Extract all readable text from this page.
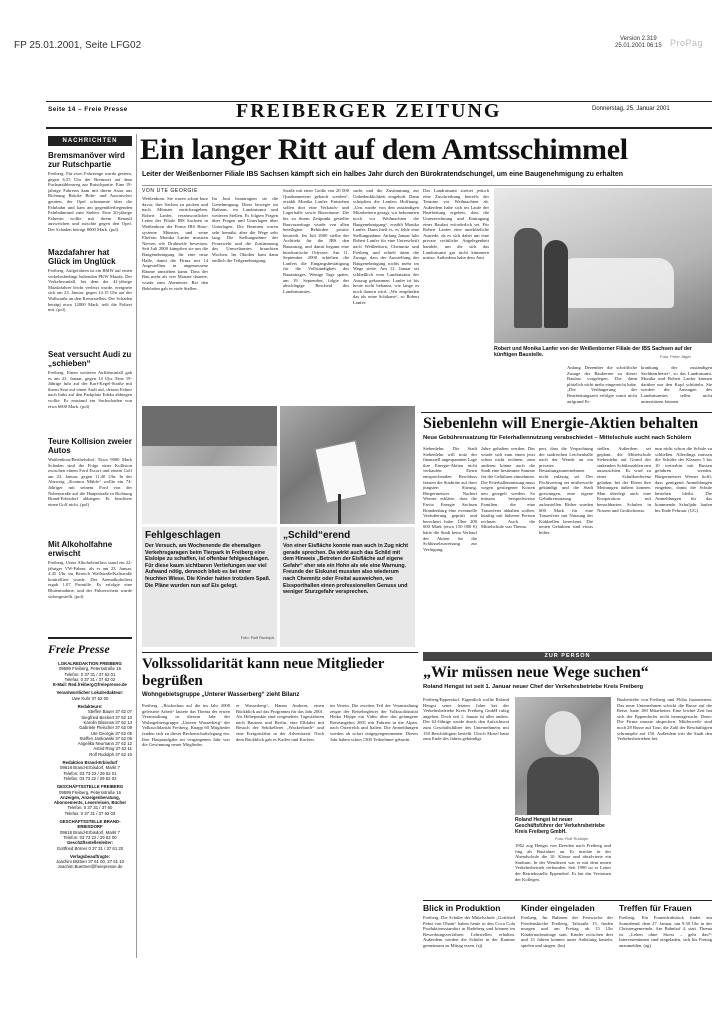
FP 25.01.2001, Seite LFG02
Version 2.319
25.01.2001 06:15 ProPag
Seite 14 – Freie Presse	FREIBERGER ZEITUNG	Donnerstag, 25. Januar 2001
NACHRICHTEN
Bremsmanöver wird zur Rutschpartie
Freiberg. Für zwei Fahrzeuge wurde gestern, gegen 6.55 Uhr der Bremsort auf dem Fuchsmühlenweg zur Rutschpartie. Eine 19-jährige Fahrerin kam mit ihrem Astra aus Richtung Brücke Bohr- und Ausrutscher geraten, der Opel schrammte über die Fahrbahn und kam am gegenüberliegenden Fahrbahnrand zum Stehen. Eine 20-jährige Fahrerin wollte mit ihrem Renault ausweichen und rutschte gegen den Opel. Der Schaden beträgt 8000 Mark. (pol)
Mazdafahrer hat Glück im Unglück
Freiberg. Aufgefahren ist ein BMW auf einen verkehrsbedingt haltenden PKW Mazda. Der Verkehrsunfall, bei dem der 41-jährige Mazdafahrer leicht verletzt wurde, ereignete sich am 23. Januar, gegen 14.15 Uhr auf der Wallstraße an den Kreuzstellen. Der Schaden beträgt etwa 12000 Mark, teilt die Polizei mit. (pol)
Seat versucht Audi zu „schieben“
Freiberg. Einen weiteren Auffahrunfall gab es am 23. Januar, gegen 14 Uhr. Eine 19-Jährige fuhr auf der Karl-Kegel-Straße mit ihrem Seat auf einen Audi auf, dessen Fahrer nach links auf den Parkplatz Edeka abbiegen wollte. Es entstand ein Sachschaden von etwa 6000 Mark. (pol)
Teure Kollision zweier Autos
Weißenborn/Berthelsdorf. Etwa 9000 Mark Schaden sind die Folge einer Kollision zwischen einem Ford Escort und einem Golf am 23. Januar, gegen 11.40 Uhr. In der Abzweig „Kosmos Mühle“ wollte ein 74-Jähriger mit seinem Ford von der Nebenstraße auf die Hauptstraße in Richtung Brand-Erbisdorf abbiegen. Er beachtete einen Golf nicht. (pol)
Mit Alkoholfahne erwischt
Freiberg. Unter Alkoholeinfluss stand ein 22-jähriger VW-Fahrer, als er am 23. Januar, 4.45 Uhr im Bereich Wallstraße/Kaltstraße kontrolliert wurde. Der Atemalkoholtest ergab 1.07 Promille. Es erfolgte eine Blutentnahme, und der Führerschein wurde sichergestellt. (pol)
Freie Presse
LOKALREDAKTION FREIBERG
09599 Freiberg, Petersstraße 16
Telefon: 0 37 31 / 37 62 01
Telefax: 0 37 31 / 37 62 02
E-Mail: Red.freiberg@freiepresse.de
Verantwortlicher Lokalredakteur:
Uwe Kuhr 37 62 00
Redakteure:
Steffen Bauer 37 62 07
Siegfried Beckert 37 62 10
Karolin Blossow 37 62 14
Gabriele Fleischer 37 62 09
Ute Georgie 37 62 05
Steffen Jankowski 37 62 06
Angelika Neumann 37 62 12
Astrid Ring 37 62 11
Rolf Rudolph 37 62 10
Redaktion Brand-Erbisdorf
09618 Brand-Erbisdorf, Markt 7
Telefon: 03 73 22 / 29 62 01
Telefax: 03 73 22 / 29 62 02
GESCHÄFTSSTELLE FREIBERG
09599 Freiberg, Petersstraße 16
Anzeigen, Anzeigenberatung, Abonnements, Leserreisen, Bücher
Telefon: 0 37 31 / 37 60
Telefax: 0 37 31 / 37 62 03
GESCHÄFTSSTELLE BRAND-ERBISDORF
09618 Brand-Erbisdorf, Markt 7
Telefon: 03 73 22 / 29 62 00
Geschäftsstellenleiter:
Gottfried Börner 0 37 31 / 37 61 20
Verlagsbeauftragte:
Joachim Büttner 37 61 00, 37 61 10
Joachim.Buettner@freiepresse.de
Ein langer Ritt auf dem Amtsschimmel
Leiter der Weißenborner Filiale IBS Sachsen kämpft sich ein halbes Jahr durch den Bürokratendschungel, um eine Baugenehmigung zu erhalten
VON UTE GEORGIE
Weißenborn. Sie waren schon kurz davor, ihre Sachen zu packen und nach Münster zurückzugehen. Robert Lanfer, verantwortlicher Leiter der Filiale IBS Sachsen in Weißenborn der Firma IBS Büro-systeme Münster, und seine Ehefrau Monika Lanfer mussten Nerven wie Drahtseile beweisen. Seit Juli 2000 kämpften sie um die Baugenehmigung für eine neue Halle, damit die Firma mit 14 Angestellten in angemessene Räume umziehen kann. Dass der Bau mehr als vier Monate dauerte, wurde zum Abenteuer. Bei den Behörden gab es viele Stellen.
Im Juni beantragten sie die Genehmigung. Diese bewegte im Rathaus, im Landratsamt und weiteren Stellen. Es folgten Fragen über Fragen und Unterlagen über Unterlagen. Die Beamten waren sehr bemüht, aber die Wege sehr lang. Die Stellungnahme der Feuerwehr und die Zustimmung des Umweltamtes brauchten Wochen. Im Oktober kam dann endlich die Teilgenehmigung.
Straße mit einer Größe von 20 000 Quadratmetern gekauft werden“, erzählt Monika Lanfer. Entstehen sollen dort eine Verkaufs- und Lagerhalle sowie Büroräume. Die bis zu ihrem Zeitpunkt gestellte Bauvoranfrage wurde von allen beteiligten Behörden positiv beurteilt. Im Juli 2000 stellte der Architekt für die IBS den Bauantrag, und damit begann eine bürokratische Odyssee. Am 11. September 2000 erhielten die Lanfers die Eingangsbestätigung für die Vollständigkeit des Bauantrages. Wenige Tage später, am 19. September, folgte der abschlägige Bescheid des Landratsamtes.
sucht und die Zustimmung zur Unbedenklichkeit eingeholt. Dann schöpften die Lanfers Hoffnung. „Uns wurde von den zuständigen Mitarbeitern gesagt, wir bekommen noch vor Weihnachten die Baugenehmigung“, erzählt Monika Lanfer. Dann hieß es, es fehle eine Stellungnahme. Anfang Januar fuhr Robert Lanfer für eine Unterschrift nach Weißenborn, Chemnitz und Freiberg und erhielt dann die Zusage, dass der Ausstellung der Baugenehmigung nichts mehr im Wege stehe. Am 12. Januar sei schließlich vom Landratsamt der Auszug gekommen. Lanfer ist bis heute nicht bekannt, wie lange es noch dauern wird. „Wir empfinden das als reine Schikane“, so Robert Lanfer.
Das Landratsamt streitet jedoch eine Zuschreibung betreffs der Termine vor Weihnachten ab. Außerdem habe sich im Laufe der Bearbeitung ergeben, dass die Unterzeichnung und Eintragung einer Baulast erforderlich sei. Für Robert Lanfer eine unerklärliche Ausrede, da es sich dabei um eine private rechtliche Angelegenheit handele, um die sich das Landratsamt gar nicht kümmern müsse. Außerdem habe dem Amt
Robert und Monika Lanfer von der Weißenborner Filiale der IBS Sachsen auf der künftigen Baustelle.	Foto: Peter Jäger
Anfang Dezember die schriftliche Zusage der Bauherren zu dieser Baulast vorgelegen. Die dann plötzlich nicht mehr eingereicht habe. „Die Verlängerung der Bearbeitungszeit erfolgte somit nicht aufgrund Er-
krankung der zuständigen Sachbearbeiter“, so das Landratsamt. Monika und Robert Lanfer können darüber nur den Kopf schütteln. Sie werden die Aussagen des Landratsamtes selbst nicht unterstützen können.
Fehlgeschlagen
Der Versuch, am Wochenende die ehemaligen Verkehrsgaragen beim Tierpark in Freiberg eine Eisloipe zu schaffen, ist offenbar fehlgeschlagen. Für diese kaum sichtbaren Vertiefungen war viel Aufwand nötig, dennoch blieb es bei einer feuchten Wiese. Die Kinder hatten trotzdem Spaß. Die Pläne wurden nun auf Eis gelegt.
Foto: Rolf Rudolph
„Schild“erend
Von einer Eisfläche konnte man auch in Zug nicht gerade sprechen. Da wirkt auch das Schild mit dem Hinweis „Betreten der Eisfläche auf eigene Gefahr“ eher wie ein Hohn als wie eine Warnung. Freunde der Eiskunst mussten also wiederum nach Chemnitz oder Freital ausweichen, wo Eissporthallen einen professionellen Genuss und weniger Sturzgefahr versprechen.
Siebenlehn will Energie-Aktien behalten
Neue Gebührensatzung für Feierhallennutzung verabschiedet – Mittelschule sucht nach Schülern
Siebenlehn. Die Stadt Siebenlehn will trotz der finanziell angespannten Lage ihre Energie-Aktien nicht verkaufen. Einen entsprechenden Beschluss fassten die Stadträte auf ihrer jüngsten Sitzung. Bürgermeister Norbert Werner erklärte, dass die Envia Energie Sachsen Brandenburg eine eventuelle Veräußerung geprüft und berechnet habe. Über 200 000 Mark (etwa 150 000 €) hätte die Stadt beim Verkauf der Aktien für die Schlüsselzuweisung zur Verfügung.
Jahre gehalten werden. Das würde sich zum einen jetzt schon nicht rechnen, zum anderen könne auch die Stadt eine bestimmte Summe für die Gebühren einnehmen. Die Feierhallennutzung muss wegen gestiegener Kosten neu geregelt werden. So müssen beispielsweise Familien, die eine Trauerfeier abhalten wollen, künftig mit höheren Preisen rechnen. Auch die Mittelschule war Thema.
pert, dass die Verpachtung der stadtischen Leichenhalle nach der Wende an ein privates Bestattungsunternehmen nicht zulässig sei. Der Pachtvertrag sei mittlerweile gekündigt und die Stadt gezwungen, eine eigene Gebührensatzung aufzustellen. Bisher wurden 600 Mark für eine Trauerfeier mit Nutzung der Kühlzellen berechnet. Die neuen Gebühren sind etwas höher.
stellen. Außerdem sei geplant, die Mittelschule Siebenlehn auf Grund der sinkenden Schülerzahlen neu auszurichten. Es wird zu einer Schulkonferenz geladen, bei der Eltern ihre Meinungen äußern können. Man überlegt auch eine Kooperation mit benachbarten Schulen in Nossen und Großschirma.
nun nicht schon die Schule zu schließen. Allerdings müssen die Schüler der Klassen 5 bis 10 weiterhin mit Bussen gefahren werden. Bürgermeister Werner hofft, dass genügend Anmeldungen eingehen, damit die Schule bestehen bleibt. Die Anmeldungen für das kommende Schuljahr laufen bis Ende Februar. (UG)
Volkssolidarität kann neue Mitglieder begrüßen
Wohngebietsgruppe „Unterer Wasserberg“ zieht Bilanz
Freiberg. „Rückschau auf die im Jahr 2000 geleistete Arbeit“ lautete das Thema der ersten Veranstaltung in diesem Jahr der Wohngebietsgruppe „Unterer Wasserberg“ der Volkssolidarität Freiberg. Knapp 60 Mitglieder fanden sich zu dieser Rechenschaftslegung ein. Ihre Hauptaufgabe im vergangenen Jahr war die Gewinnung neuer Mitglieder.
er Wasserberg“, Hanna Andreas, einen Rückblick auf das Programm für das Jahr 2001. Als Höhepunkte sind vorgesehen: Tagesfahrten nach Bautzen und Berlin, eine Elbfahrt mit Besuch der Sektkellerei „Wackerbarth“ und eine Ereignisfahrt in der Adventszeit. Nach dem Rückblick gab es Kaffee und Kuchen.
im Verein. Die zweiten Teil der Veranstaltung zeigte der Reisebegleiter der Volkssolidarität Heiko Höppe ein Video über das gelungene Reiseangebot 2001 mit Fahrten in die Alpen, nach Österreich und Italien. Die Anmeldungen werden ab sofort entgegengenommen. Dieses Jahr haben schon 1300 Teilnehmer gebucht.
ZUR PERSON
„Wir müssen neue Wege suchen“
Roland Hengst ist seit 1. Januar neuer Chef der Verkehrsbetriebe Kreis Freiberg
Freiberg/Eppendorf. Eigentlich wollte Roland Hengst seine letzten Jahre bei der Verkehrsbetriebe Kreis Freiberg GmbH ruhig angehen. Doch seit 1. Januar ist alles anders. Der 62-Jährige wurde durch den Aufsichtsrat zum Geschäftsführer des Unternehmens mit 150 Beschäftigten bestellt. Ulrich Mosel hatte zum Ende des Jahres gekündigt.
Roland Hengst ist neuer Geschäftsführer der Verkehrsbetriebe Kreis Freiberg GmbH.
Foto: Rolf Rudolph
1962 zog Hengst von Dresden nach Freiberg und fing als Busfahrer an. Er machte in der Abendschule die 10. Klasse und absolvierte ein Studium. In der Wendezeit war er mit dem neuen Verkehrsbetrieb verbunden. Seit 1990 ist er Leiter der Betriebsstelle Eppendorf. Er hat das Vertrauen der Kollegen.
Busbetriebe von Freiberg und Flöha fusionierten. Das neue Unternehmen schickt die Busse auf die Reise, hatte 180 Mitarbeiter. Eine leichte Zeit hat sich der Eppendorfer nicht herausgesucht. Denn: Die Firma musste abspecken. Mittlerweile sind noch 28 Busse auf Tour, die Zahl der Beschäftigten schrumpfte auf 150. Außerdem tritt die Stadt den Verkehrsbetrieben bei.
Blick in Produktion
Freiberg. Die Schüler der Mittelschule „Gottfried Pabst von Ohain“ haben heute in den Coca Cola Produktionsstandort in Radeberg und können im Bewerbungsverfahren Lehrstellen erhalten. Außerdem werden die Schüler in der Kantine gemeinsam zu Mittag essen. (sj)
Kinder eingeladen
Freiberg. Im Rahmen der Festwoche der Friedenskirche Freiberg, Talstraße 15, finden morgen und am Freitag ab 15 Uhr Kindernachmittage statt. Kinder zwischen drei und 13 Jahren können unter Anleitung basteln, spielen und singen. (bn)
Treffen für Frauen
Freiberg. Ein Frauenfrühstück findet am Sonnabend, dem 27. Januar, um 9.30 Uhr in der Christengemeinde, Am Bahnhof 4, statt. Thema ist „Leben ohne Stress – geht das?“ Interessentinnen sind eingeladen, sich bis Freitag anzumelden. (ag)
